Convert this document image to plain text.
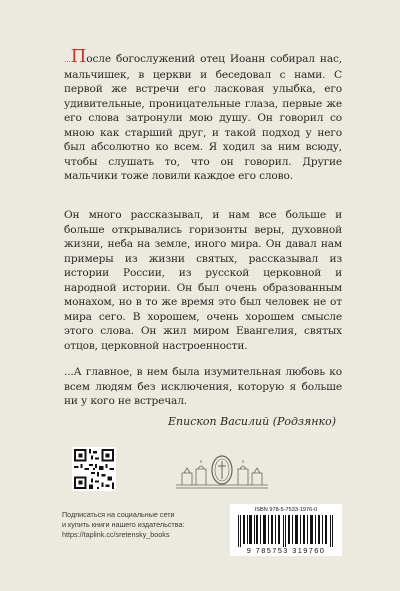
...После богослужений отец Иоанн собирал нас, мальчишек, в церкви и беседовал с нами. С первой же встречи его ласковая улыбка, его удивительные, проницательные глаза, первые же его слова затронули мою душу. Он говорил со мною как старший друг, и такой подход у него был абсолютно ко всем. Я ходил за ним всюду, чтобы слушать то, что он говорил. Другие мальчики тоже ловили каждое его слово.
Он много рассказывал, и нам все больше и больше открывались горизонты веры, духовной жизни, неба на земле, иного мира. Он давал нам примеры из жизни святых, рассказывал из истории России, из русской церковной и народной истории. Он был очень образованным монахом, но в то же время это был человек не от мира сего. В хорошем, очень хорошем смысле этого слова. Он жил миром Евангелия, святых отцов, церковной настроенности.
...А главное, в нем была изумительная любовь ко всем людям без исключения, которую я больше ни у кого не встречал.
Епископ Василий (Родзянко)
Подписаться на социальные сети
и купить книги нашего издательства:
https://taplink.cc/sretensky_books
ISBN 978-5-7533-1976-0
9 785753 319760
